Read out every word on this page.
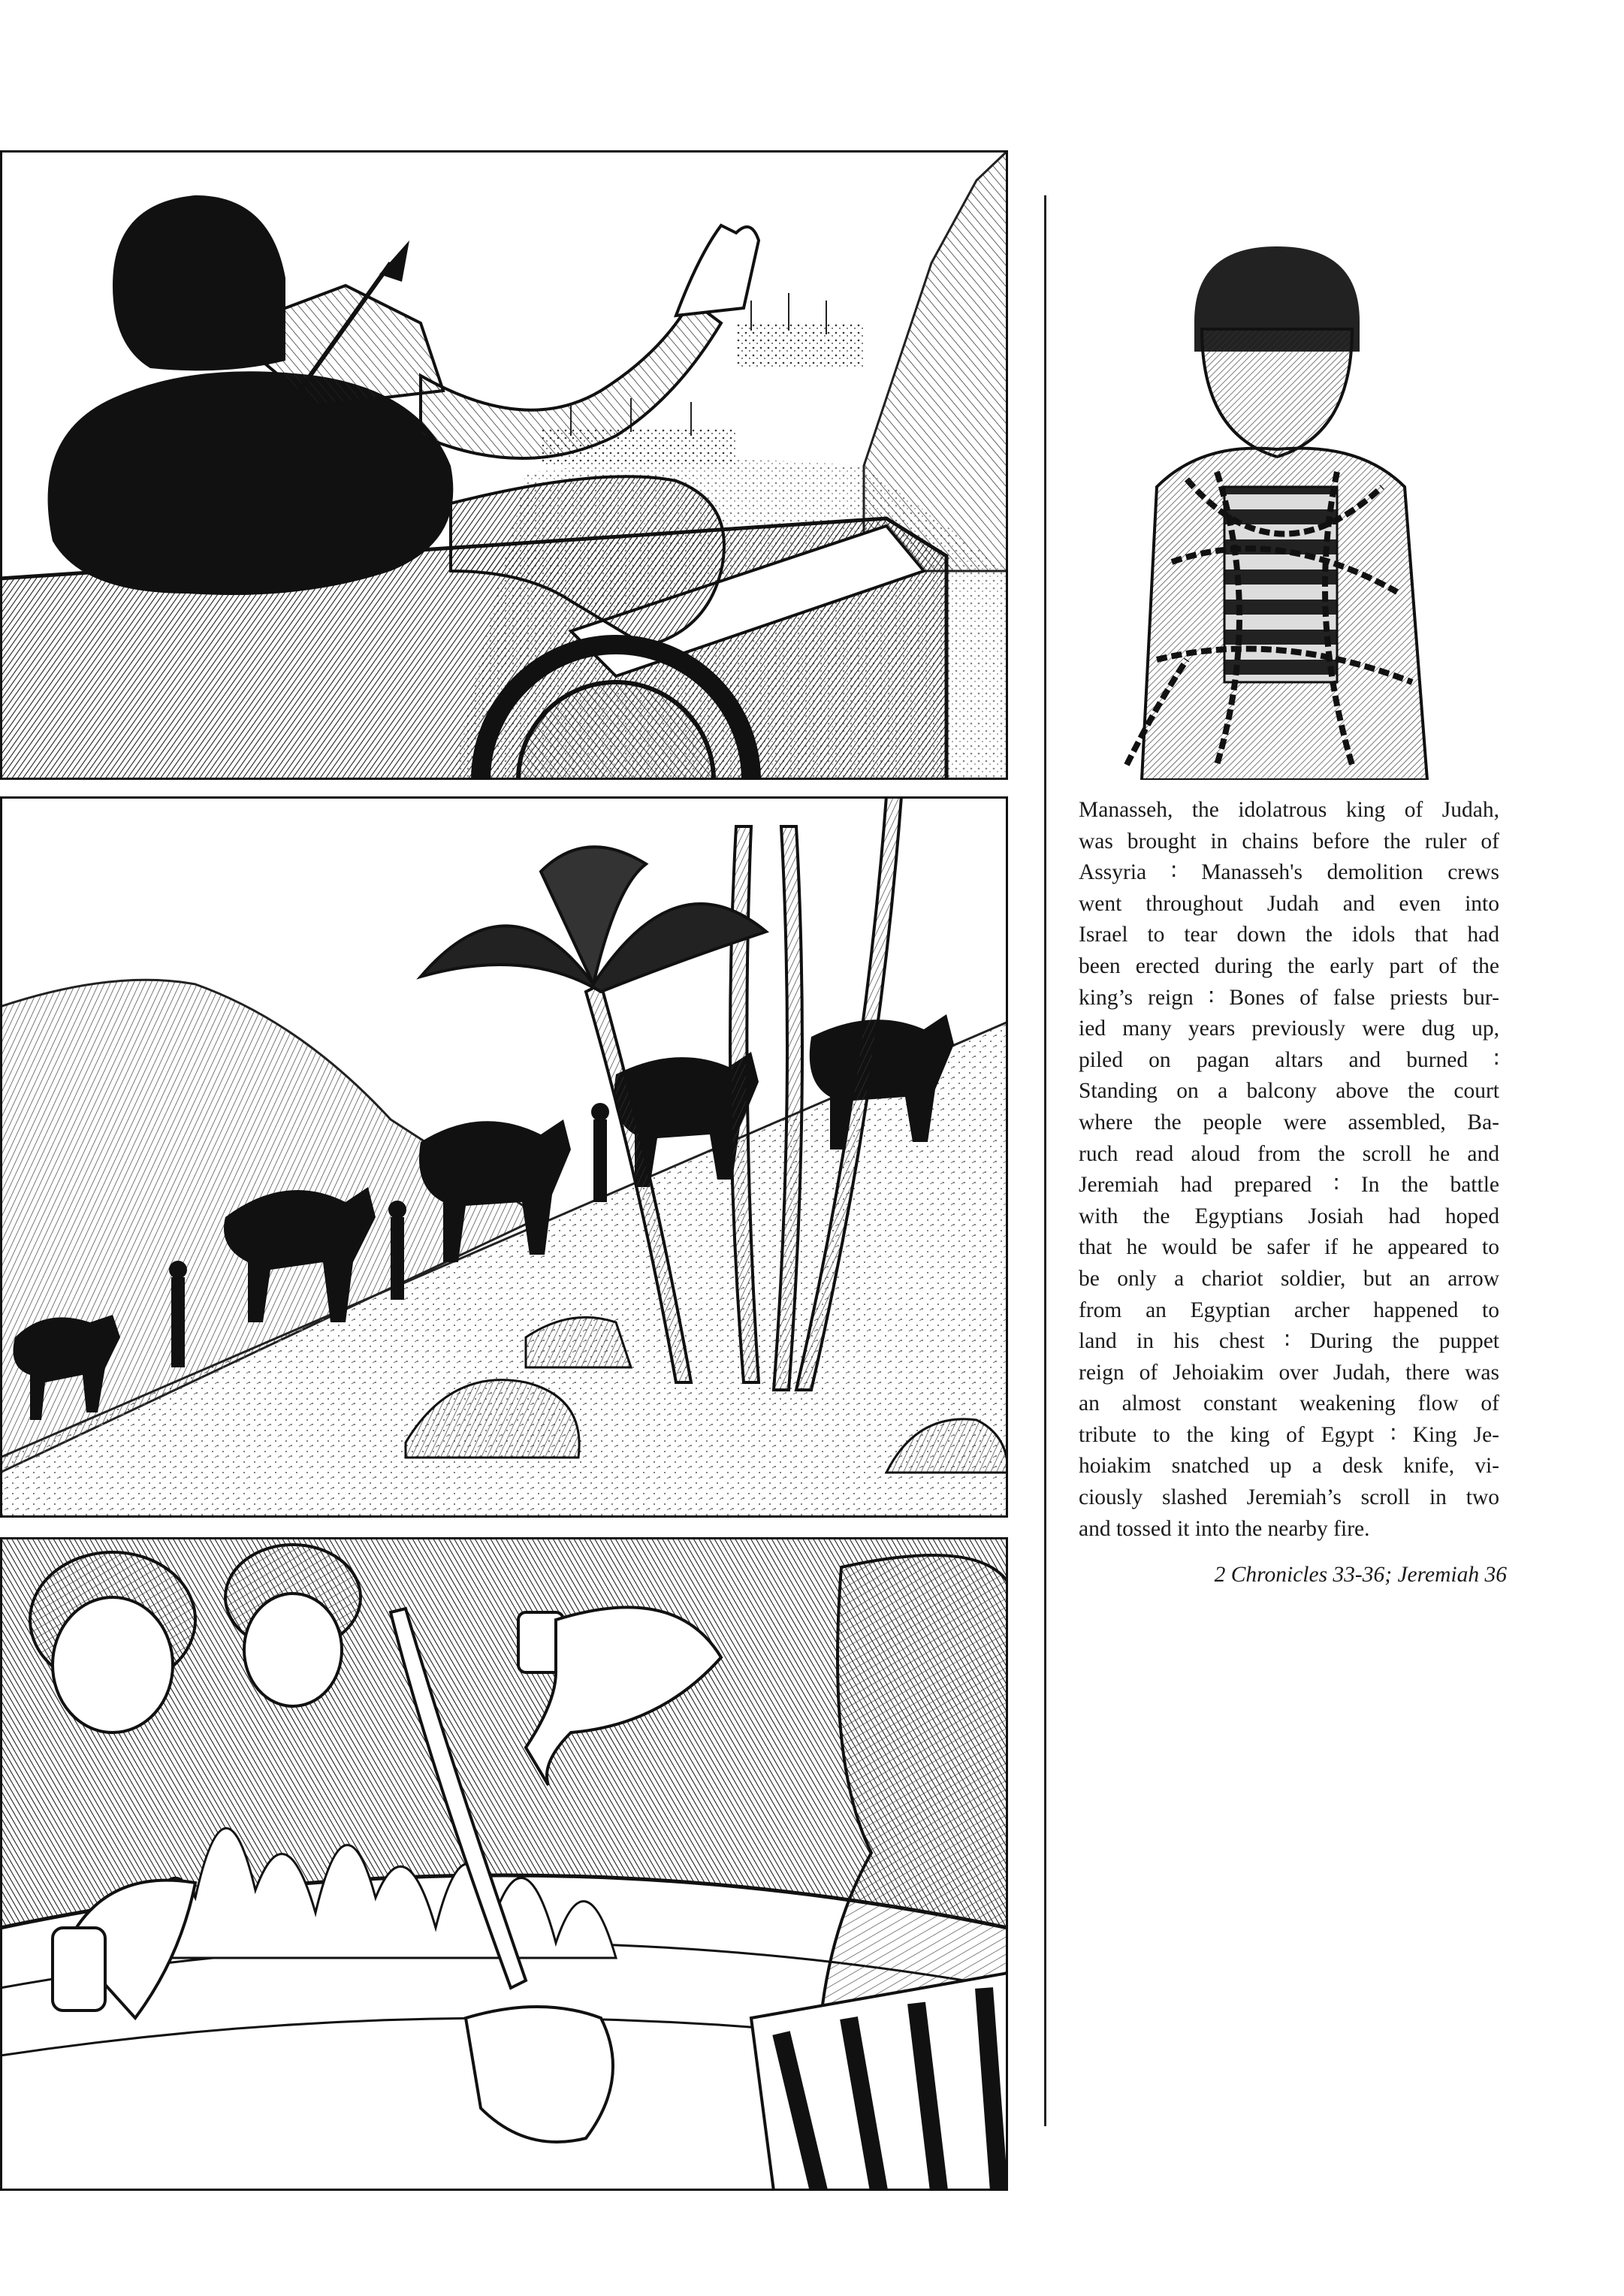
Manasseh, the idolatrous king of Judah,
was brought in chains before the ruler of
Assyria ∶ Manasseh's demolition crews
went throughout Judah and even into
Israel to tear down the idols that had
been erected during the early part of the
king’s reign ∶ Bones of false priests bur-
ied many years previously were dug up,
piled on pagan altars and burned ∶
Standing on a balcony above the court
where the people were assembled, Ba-
ruch read aloud from the scroll he and
Jeremiah had prepared ∶ In the battle
with the Egyptians Josiah had hoped
that he would be safer if he appeared to
be only a chariot soldier, but an arrow
from an Egyptian archer happened to
land in his chest ∶ During the puppet
reign of Jehoiakim over Judah, there was
an almost constant weakening flow of
tribute to the king of Egypt ∶ King Je-
hoiakim snatched up a desk knife, vi-
ciously slashed Jeremiah’s scroll in two
and tossed it into the nearby fire.
2 Chronicles 33-36; Jeremiah 36
